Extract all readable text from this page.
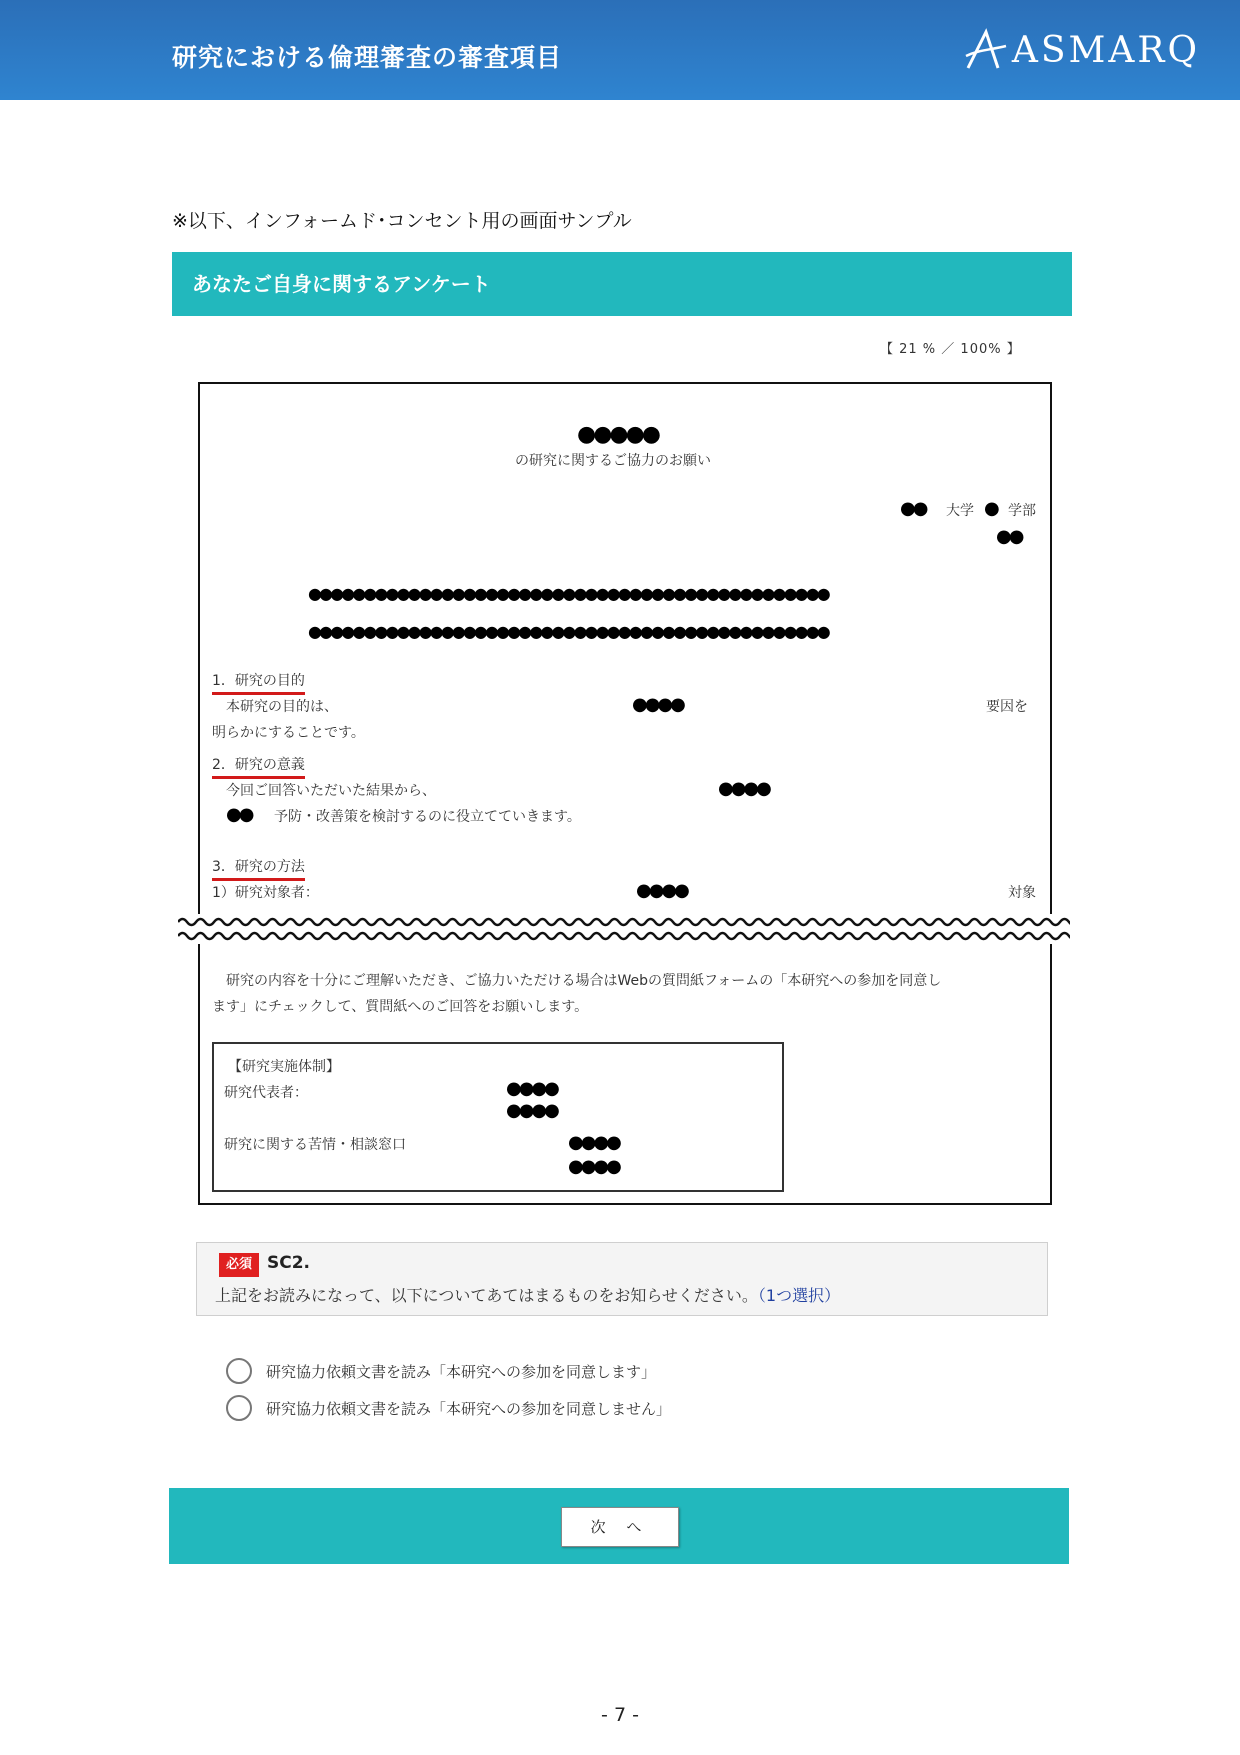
研究における倫理審査の審査項目	ASMARQ
※以下、インフォームド･コンセント用の画面サンプル
あなたご自身に関するアンケート
【 21 % ／ 100% 】
●●●●●
の研究に関するご協力のお願い
●● 大学 ● 学部
●●
●●●●●●●●●●●●●●●●●●●●●●●●●●●●●●●●●●●●●●●●●●●●●●●
●●●●●●●●●●●●●●●●●●●●●●●●●●●●●●●●●●●●●●●●●●●●●●●
1．研究の目的
本研究の目的は、	●●●●	要因を
明らかにすることです。
2．研究の意義
今回ご回答いただいた結果から、	●●●●
●● 予防・改善策を検討するのに役立てていきます。
3．研究の方法
1）研究対象者：	●●●●	対象
研究の内容を十分にご理解いただき、ご協力いただける場合はWebの質問紙フォームの「本研究への参加を同意し
ます」にチェックして、質問紙へのご回答をお願いします。
【研究実施体制】
研究代表者：	●●●●
●●●●
研究に関する苦情・相談窓口	●●●●
●●●●
必須 SC2.
上記をお読みになって、以下についてあてはまるものをお知らせください。（1つ選択）
研究協力依頼文書を読み「本研究への参加を同意します」
研究協力依頼文書を読み「本研究への参加を同意しません」
次 へ
- 7 -
